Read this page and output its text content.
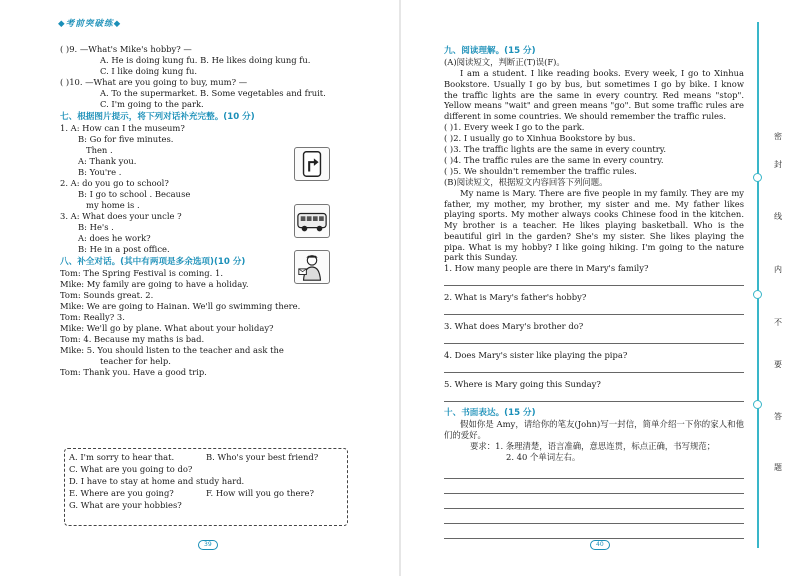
◆考前突破练◆
( )9. —What's Mike's hobby? —
A. He is doing kung fu. B. He likes doing kung fu.
C. I like doing kung fu.
( )10. —What are you going to buy, mum? —
A. To the supermarket. B. Some vegetables and fruit.
C. I'm going to the park.
七、根据图片提示，将下列对话补充完整。(10 分)
1. A: How can I the museum?
B: Go for five minutes.
Then .
A: Thank you.
B: You're .
2. A: do you go to school?
B: I go to school . Because
my home is .
3. A: What does your uncle ?
B: He's .
A: does he work?
B: He in a post office.
八、补全对话。(其中有两项是多余选项)(10 分)
Tom: The Spring Festival is coming. 1.
Mike: My family are going to have a holiday.
Tom: Sounds great. 2.
Mike: We are going to Hainan. We'll go swimming there.
Tom: Really? 3.
Mike: We'll go by plane. What about your holiday?
Tom: 4. Because my maths is bad.
Mike: 5. You should listen to the teacher and ask the
teacher for help.
Tom: Thank you. Have a good trip.
A. I'm sorry to hear that.	B. Who's your best friend?
C. What are you going to do?
D. I have to stay at home and study hard.
E. Where are you going?	F. How will you go there?
G. What are your hobbies?
39
九、阅读理解。(15 分)
(A)阅读短文，判断正(T)误(F)。
I am a student. I like reading books. Every week, I go to Xinhua Bookstore. Usually I go by bus, but sometimes I go by bike. I know the traffic lights are the same in every country. Red means "stop". Yellow means "wait" and green means "go". But some traffic rules are different in some countries. We should remember the traffic rules.
( )1. Every week I go to the park.
( )2. I usually go to Xinhua Bookstore by bus.
( )3. The traffic lights are the same in every country.
( )4. The traffic rules are the same in every country.
( )5. We shouldn't remember the traffic rules.
(B)阅读短文，根据短文内容回答下列问题。
My name is Mary. There are five people in my family. They are my father, my mother, my brother, my sister and me. My father likes playing sports. My mother always cooks Chinese food in the kitchen. My brother is a teacher. He likes playing basketball. Who is the beautiful girl in the garden? She's my sister. She likes playing the pipa. What is my hobby? I like going hiking. I'm going to the nature park this Sunday.
1. How many people are there in Mary's family?
2. What is Mary's father's hobby?
3. What does Mary's brother do?
4. Does Mary's sister like playing the pipa?
5. Where is Mary going this Sunday?
十、书面表达。(15 分)
假如你是 Amy，请给你的笔友(John)写一封信，简单介绍一下你的家人和他们的爱好。
要求：1. 条理清楚，语言准确，意思连贯，标点正确，书写规范；
2. 40 个单词左右。
40
密
封
线
内
不
要
答
题
